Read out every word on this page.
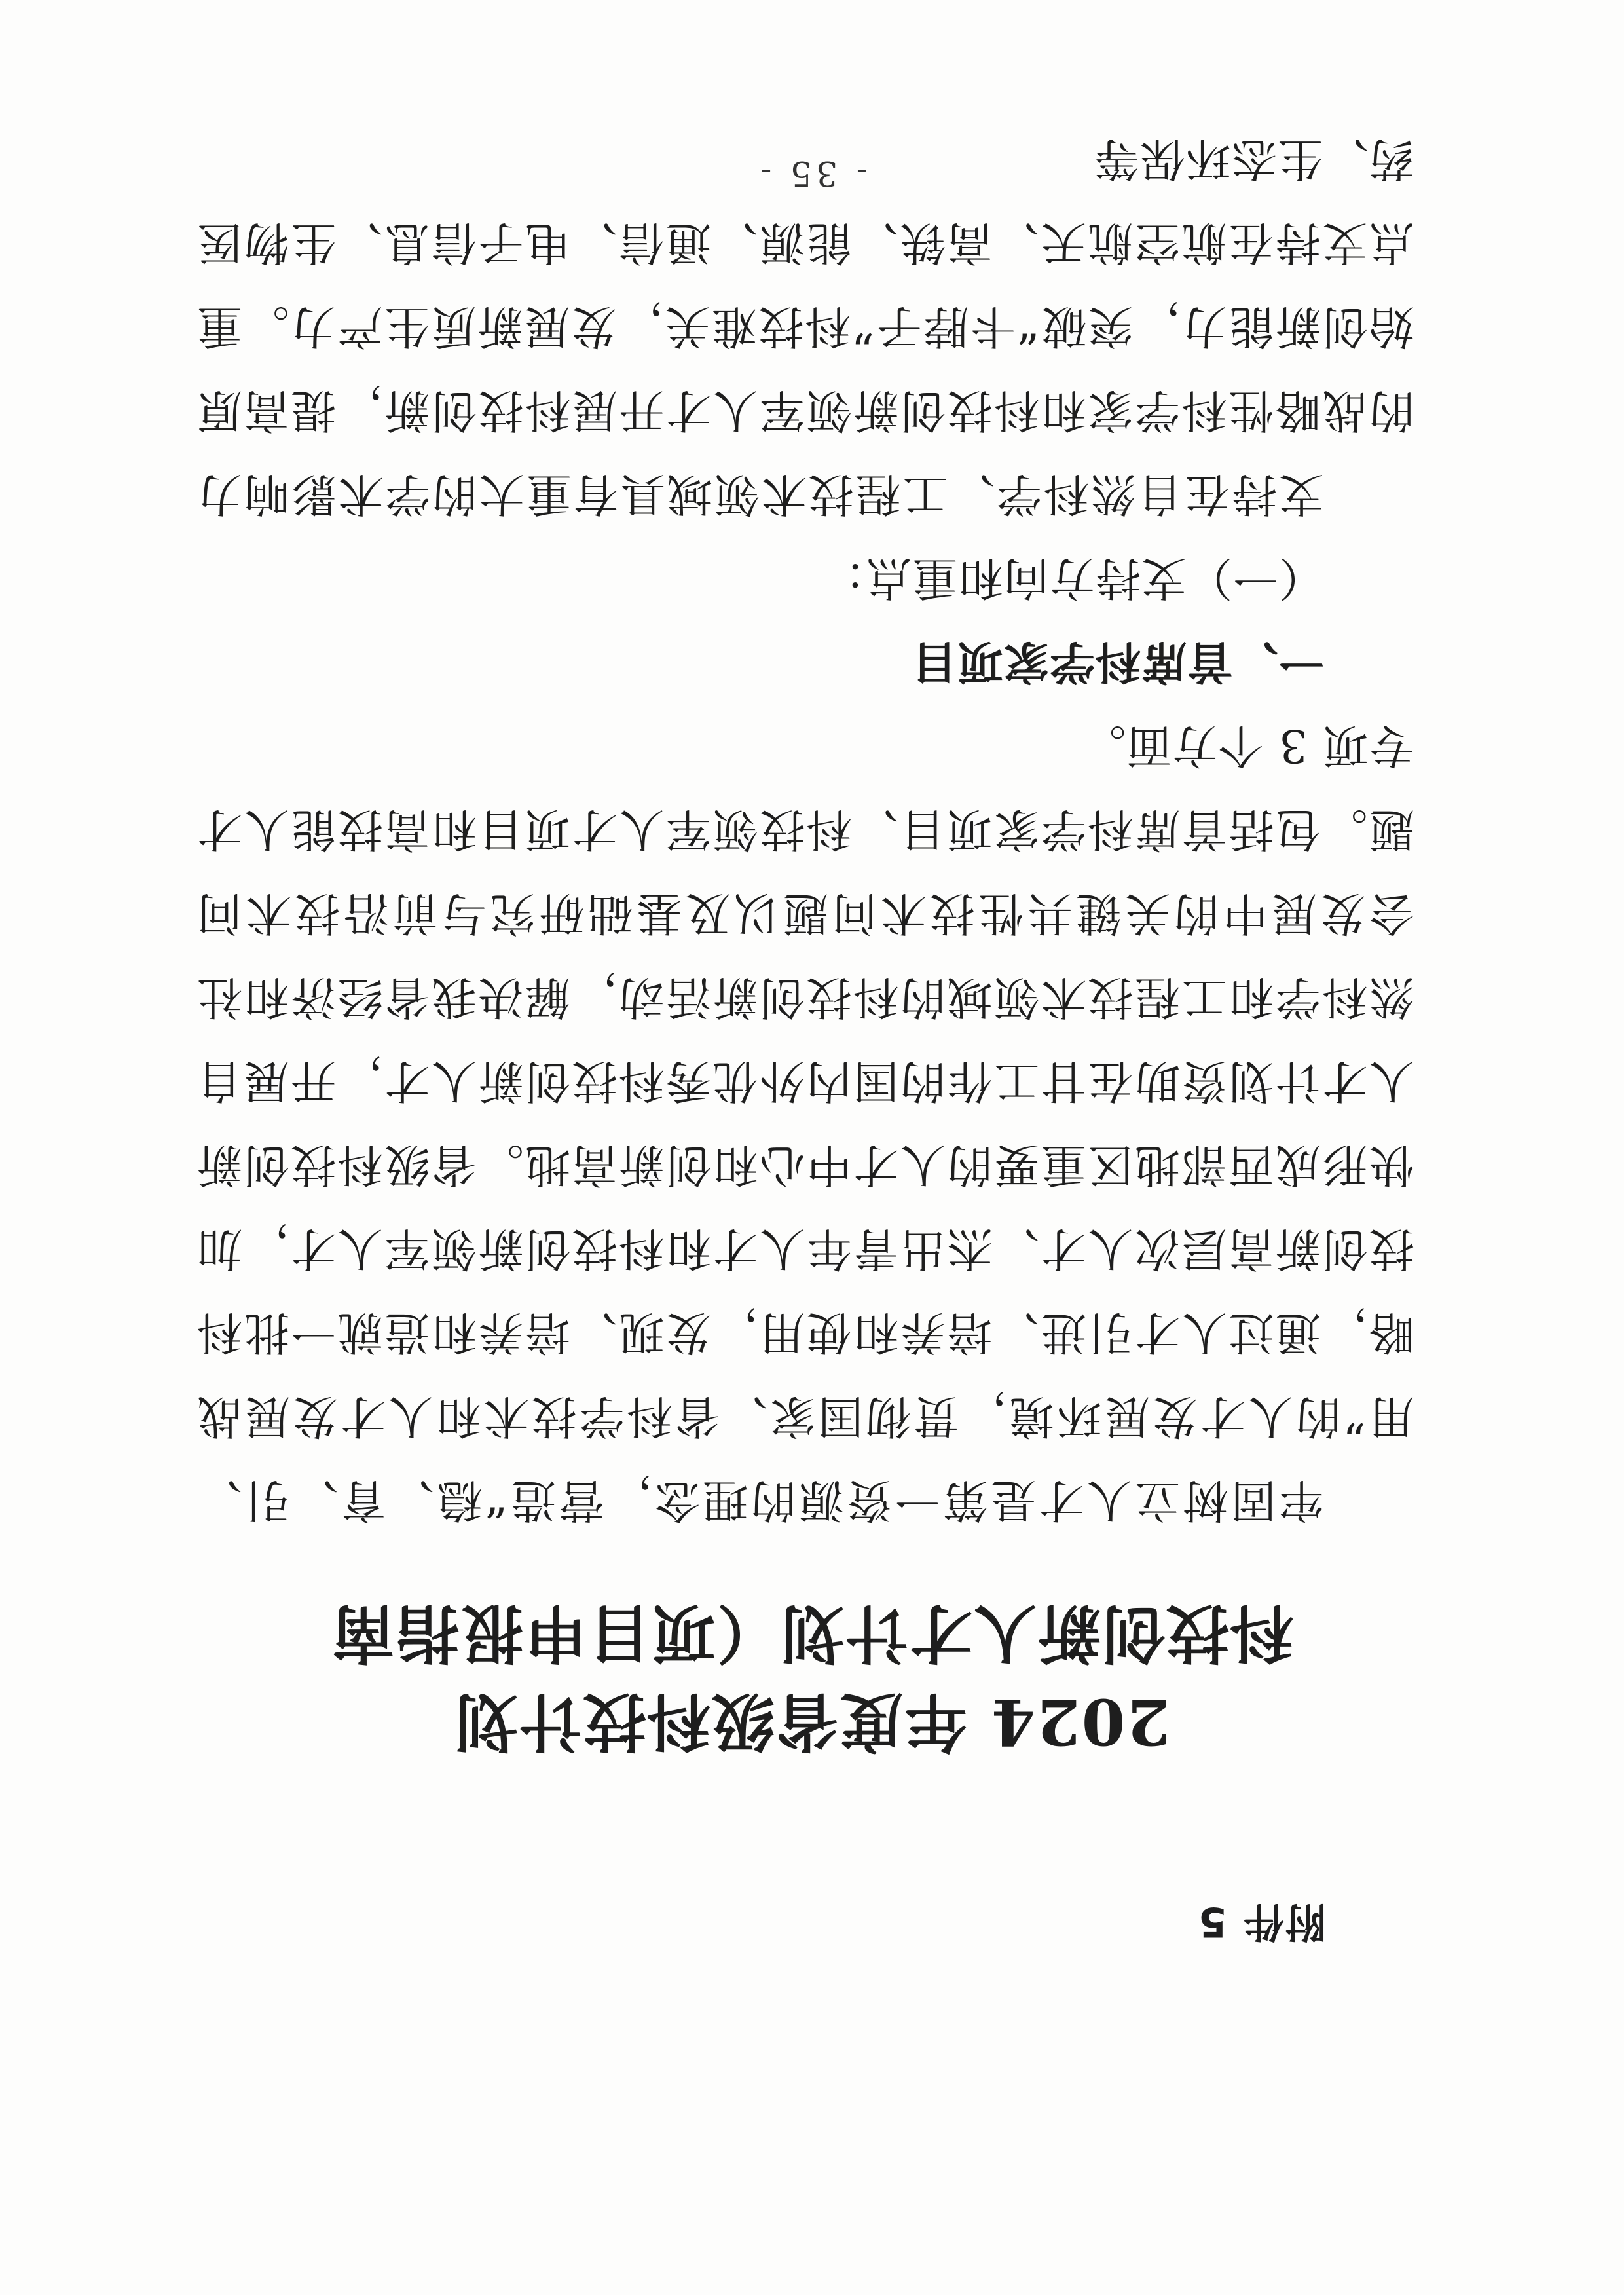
附件 5
2024 年度省级科技计划
科技创新人才计划（项目申报指南

牢固树立人才是第一资源的理念，营造“稳、育、引、用”的人才发展环境，贯彻国家、省科学技术和人才发展战略，通过人才引进、培养和使用，发现、培养和造就一批科技创新高层次人才、杰出青年人才和科技创新领军人才，加快形成西部地区重要的人才中心和创新高地。省级科技创新人才计划资助在甘工作的国内外优秀科技创新人才，开展自然科学和工程技术领域的科技创新活动，解决我省经济和社会发展中的关键共性技术问题以及基础研究与前沿技术问题。包括首席科学家项目、科技领军人才项目和高技能人才专项 3 个方面。

一、首席科学家项目

（一）支持方向和重点：

支持在自然科学、工程技术领域具有重大的学术影响力的战略性科学家和科技创新领军人才开展科技创新，提高原始创新能力，突破“卡脖子”科技难关，发展新质生产力。重点支持在航空航天、高铁、能源、通信、电子信息、生物医药、生态环保等

- 35 -
